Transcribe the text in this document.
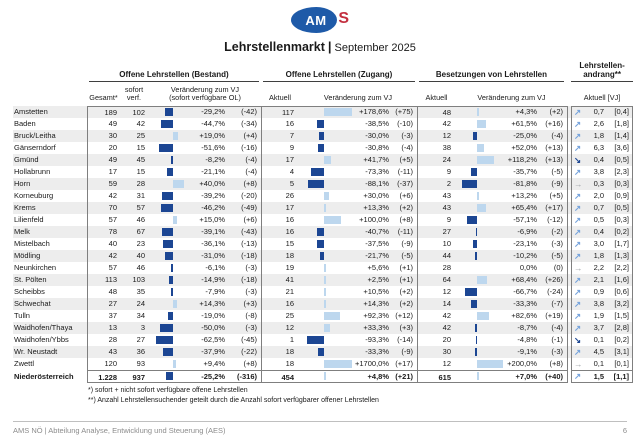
AM S
Lehrstellenmarkt | September 2025
Offene Lehrstellen (Bestand)	Offene Lehrstellen (Zugang)	Besetzungen von Lehrstellen
Lehrstellen-
andrang**
Gesamt*
sofort
verf.
Veränderung zum VJ
(sofort verfügbare OL)	Aktuell	Veränderung zum VJ	Aktuell	Veränderung zum VJ	Aktuell [VJ]
Amstetten	189	102	-29,2%	(-42)	117	+178,6% (+75)	48	+4,3%	(+2) ↗	0,7	[0,4]
Baden	49	42	-44,7%	(-34)	16	-38,5%	(-10)	42	+61,5%	(+16) ↗	2,6	[1,8]
Bruck/Leitha	30	25	+19,0%	(+4)	7	-30,0%	(-3)	12	-25,0%	(-4) ↗	1,8	[1,4]
Gänserndorf	20	15	-51,6%	(-16)	9	-30,8%	(-4)	38	+52,0%	(+13) ↗	6,3	[3,6]
Gmünd	49	45	-8,2%	(-4)	17	+41,7%	(+5)	24	+118,2%	(+13) ↘	0,4	[0,5]
Hollabrunn	17	15	-21,1%	(-4)	4	-73,3%	(-11)	9	-35,7%	(-5) ↗	3,8	[2,3]
Horn	59	28	+40,0%	(+8)	5	-88,1%	(-37)	2	-81,8%	(-9) →	0,3	[0,3]
Korneuburg	42	31	-39,2%	(-20)	26	+30,0%	(+6)	43	+13,2%	(+5) ↗	2,0	[0,9]
Krems	70	57	-46,2%	(-49)	17	+13,3%	(+2)	43	+65,4%	(+17) ↗	0,7	[0,5]
Lilienfeld	57	46	+15,0%	(+6)	16	+100,0%	(+8)	9	-57,1%	(-12) ↗	0,5	[0,3]
Melk	78	67	-39,1%	(-43)	16	-40,7%	(-11)	27	-6,9%	(-2) ↗	0,4	[0,2]
Mistelbach	40	23	-36,1%	(-13)	15	-37,5%	(-9)	10	-23,1%	(-3) ↗	3,0	[1,7]
Mödling	42	40	-31,0%	(-18)	18	-21,7%	(-5)	44	-10,2%	(-5) ↗	1,8	[1,3]
Neunkirchen	57	46	-6,1%	(-3)	19	+5,6%	(+1)	28	0,0%	(0) →	2,2	[2,2]
St. Pölten	113	103	-14,9%	(-18)	41	+2,5%	(+1)	64	+68,4%	(+26) ↗	2,1	[1,6]
Scheibbs	48	35	-7,9%	(-3)	21	+10,5%	(+2)	12	-66,7%	(-24) ↗	0,9	[0,6]
Schwechat	27	24	+14,3%	(+3)	16	+14,3%	(+2)	14	-33,3%	(-7) ↗	3,8	[3,2]
Tulln	37	34	-19,0%	(-8)	25	+92,3% (+12)	42	+82,6%	(+19) ↗	1,9	[1,5]
Waidhofen/Thaya	13	3	-50,0%	(-3)	12	+33,3%	(+3)	42	-8,7%	(-4) ↗	3,7	[2,8]
Waidhofen/Ybbs	28	27	-62,5%	(-45)	1	-93,3%	(-14)	20	-4,8%	(-1) ↘	0,1	[0,2]
Wr. Neustadt	43	36	-37,9%	(-22)	18	-33,3%	(-9)	30	-9,1%	(-3) ↗	4,5	[3,1]
Zwettl	120	93	+9,4%	(+8)	18	+1700,0% (+17)	12	+200,0%	(+8) →	0,1	[0,1]
Niederösterreich	1.228	937	-25,2%	(-316)	454	+4,8% (+21)	615	+7,0%	(+40) ↗	1,5	[1,1]
*) sofort + nicht sofort verfügbare offene Lehrstellen
**) Anzahl Lehrstellensuchender geteilt durch die Anzahl sofort verfügbarer offener Lehrstellen
AMS NÖ | Abteilung Analyse, Entwicklung und Steuerung (AES)	6
